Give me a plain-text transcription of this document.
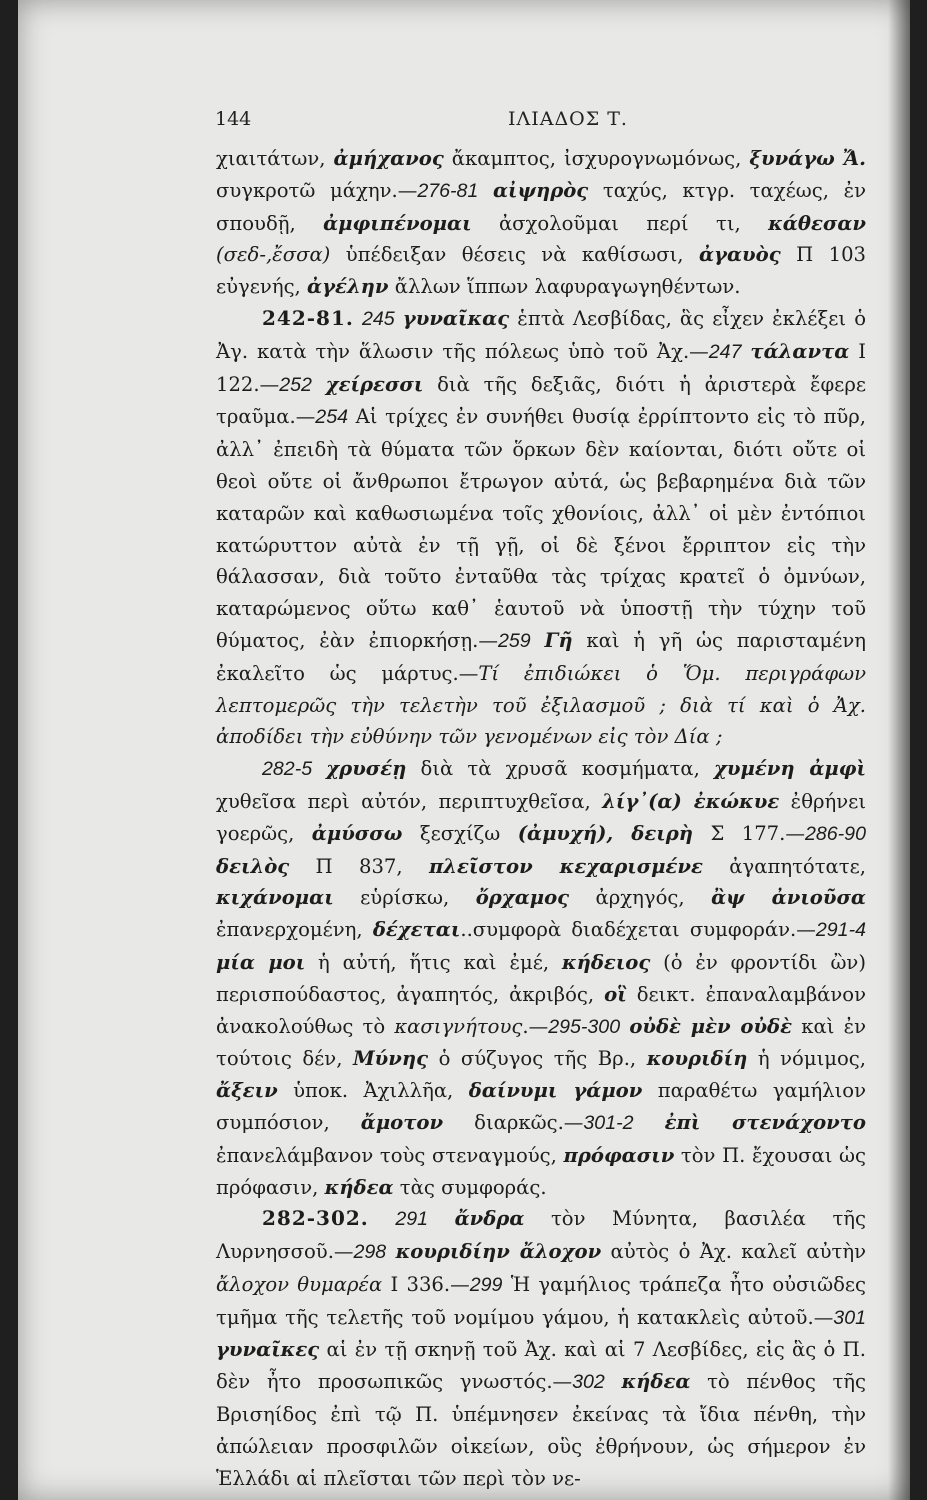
144	ΙΛΙΑΔΟΣ Τ.

χιαιτάτων, ἀμήχανος ἄκαμπτος, ἰσχυρογνωμόνως, ξυνάγω Ἄ. συγκροτῶ μάχην.—276-81 αἰψηρὸς ταχύς, κτγρ. ταχέως, ἐν σπουδῇ, ἀμφιπένομαι ἀσχολοῦμαι περί τι, κάθεσαν (σεδ-,ἔσσα) ὑπέδειξαν θέσεις νὰ καθίσωσι, ἀγαυὸς Π 103 εὐγενής, ἀγέλην ἄλλων ἵππων λαφυραγωγηθέντων.

242-81. 245 γυναῖκας ἑπτὰ Λεσβίδας, ἃς εἶχεν ἐκλέξει ὁ Ἀγ. κατὰ τὴν ἅλωσιν τῆς πόλεως ὑπὸ τοῦ Ἀχ.—247 τάλαντα Ι 122.—252 χείρεσσι διὰ τῆς δεξιᾶς, διότι ἡ ἀριστερὰ ἔφερε τραῦμα.—254 Αἱ τρίχες ἐν συνήθει θυσίᾳ ἐρρίπτοντο εἰς τὸ πῦρ, ἀλλ᾽ ἐπειδὴ τὰ θύματα τῶν ὅρκων δὲν καίονται, διότι οὔτε οἱ θεοὶ οὔτε οἱ ἄνθρωποι ἔτρωγον αὐτά, ὡς βεβαρημένα διὰ τῶν καταρῶν καὶ καθωσιωμένα τοῖς χθονίοις, ἀλλ᾽ οἱ μὲν ἐντόπιοι κατώρυττον αὐτὰ ἐν τῇ γῇ, οἱ δὲ ξένοι ἔρριπτον εἰς τὴν θάλασσαν, διὰ τοῦτο ἐνταῦθα τὰς τρίχας κρατεῖ ὁ ὀμνύων, καταρώμενος οὕτω καθ᾽ ἑαυτοῦ νὰ ὑποστῇ τὴν τύχην τοῦ θύματος, ἐὰν ἐπιορκήσῃ.—259 Γῆ καὶ ἡ γῆ ὡς παρισταμένη ἐκαλεῖτο ὡς μάρτυς.—Τί ἐπιδιώκει ὁ Ὅμ. περιγράφων λεπτομερῶς τὴν τελετὴν τοῦ ἐξιλασμοῦ ; διὰ τί καὶ ὁ Ἀχ. ἀποδίδει τὴν εὐθύνην τῶν γενομένων εἰς τὸν Δία ;

282-5 χρυσέῃ διὰ τὰ χρυσᾶ κοσμήματα, χυμένη ἀμφὶ χυθεῖσα περὶ αὐτόν, περιπτυχθεῖσα, λίγ᾽(α) ἐκώκυε ἐθρήνει γοερῶς, ἀμύσσω ξεσχίζω (ἀμυχή), δειρὴ Σ 177.—286-90 δειλὸς Π 837, πλεῖστον κεχαρισμένε ἀγαπητότατε, κιχάνομαι εὑρίσκω, ὄρχαμος ἀρχηγός, ἂψ ἀνιοῦσα ἐπανερχομένη, δέχεται..συμφορὰ διαδέχεται συμφοράν.—291-4 μία μοι ἡ αὐτή, ἥτις καὶ ἐμέ, κήδειος (ὁ ἐν φροντίδι ὢν) περισπούδαστος, ἀγαπητός, ἀκριβός, οἳ δεικτ. ἐπαναλαμβάνον ἀνακολούθως τὸ κασιγνήτους.—295-300 οὐδὲ μὲν οὐδὲ καὶ ἐν τούτοις δέν, Μύνης ὁ σύζυγος τῆς Βρ., κουριδίη ἡ νόμιμος, ἄξειν ὑποκ. Ἀχιλλῆα, δαίνυμι γάμον παραθέτω γαμήλιον συμπόσιον, ἄμοτον διαρκῶς.—301-2 ἐπὶ στενάχοντο ἐπανελάμβανον τοὺς στεναγμούς, πρόφασιν τὸν Π. ἔχουσαι ὡς πρόφασιν, κήδεα τὰς συμφοράς.

282-302. 291 ἄνδρα τὸν Μύνητα, βασιλέα τῆς Λυρνησσοῦ.—298 κουριδίην ἄλοχον αὐτὸς ὁ Ἀχ. καλεῖ αὐτὴν ἄλοχον θυμαρέα Ι 336.—299 Ἡ γαμήλιος τράπεζα ἦτο οὐσιῶδες τμῆμα τῆς τελετῆς τοῦ νομίμου γάμου, ἡ κατακλεὶς αὐτοῦ.—301 γυναῖκες αἱ ἐν τῇ σκηνῇ τοῦ Ἀχ. καὶ αἱ 7 Λεσβίδες, εἰς ἃς ὁ Π. δὲν ἦτο προσωπικῶς γνωστός.—302 κήδεα τὸ πένθος τῆς Βρισηίδος ἐπὶ τῷ Π. ὑπέμνησεν ἐκείνας τὰ ἴδια πένθη, τὴν ἀπώλειαν προσφιλῶν οἰκείων, οὓς ἐθρήνουν, ὡς σήμερον ἐν Ἑλλάδι αἱ πλεῖσται τῶν περὶ τὸν νε-
